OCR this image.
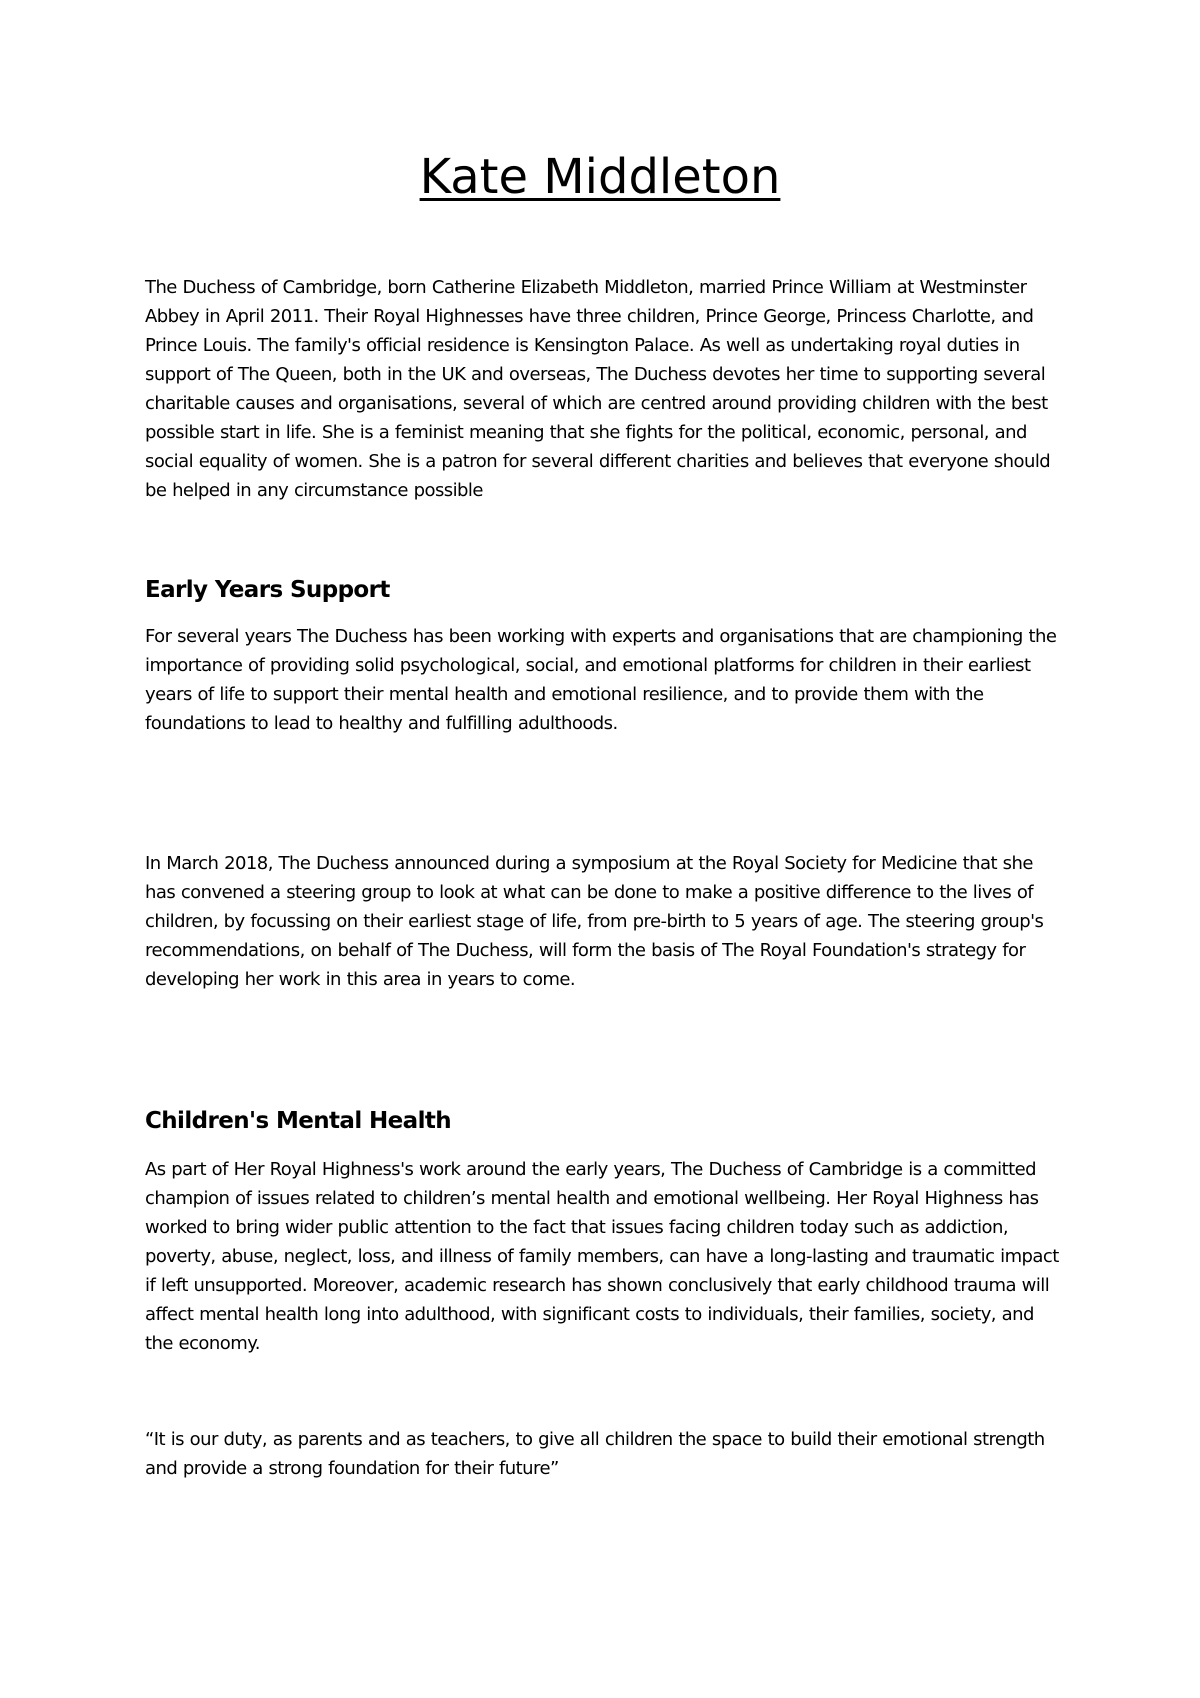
Kate Middleton

The Duchess of Cambridge, born Catherine Elizabeth Middleton, married Prince William at Westminster Abbey in April 2011. Their Royal Highnesses have three children, Prince George, Princess Charlotte, and Prince Louis. The family's official residence is Kensington Palace. As well as undertaking royal duties in support of The Queen, both in the UK and overseas, The Duchess devotes her time to supporting several charitable causes and organisations, several of which are centred around providing children with the best possible start in life. She is a feminist meaning that she fights for the political, economic, personal, and social equality of women. She is a patron for several different charities and believes that everyone should be helped in any circumstance possible

Early Years Support

For several years The Duchess has been working with experts and organisations that are championing the importance of providing solid psychological, social, and emotional platforms for children in their earliest years of life to support their mental health and emotional resilience, and to provide them with the foundations to lead to healthy and fulfilling adulthoods.

In March 2018, The Duchess announced during a symposium at the Royal Society for Medicine that she has convened a steering group to look at what can be done to make a positive difference to the lives of children, by focussing on their earliest stage of life, from pre-birth to 5 years of age. The steering group's recommendations, on behalf of The Duchess, will form the basis of The Royal Foundation's strategy for developing her work in this area in years to come.

Children's Mental Health

As part of Her Royal Highness's work around the early years, The Duchess of Cambridge is a committed champion of issues related to children’s mental health and emotional wellbeing. Her Royal Highness has worked to bring wider public attention to the fact that issues facing children today such as addiction, poverty, abuse, neglect, loss, and illness of family members, can have a long-lasting and traumatic impact if left unsupported. Moreover, academic research has shown conclusively that early childhood trauma will affect mental health long into adulthood, with significant costs to individuals, their families, society, and the economy.

“It is our duty, as parents and as teachers, to give all children the space to build their emotional strength and provide a strong foundation for their future”
